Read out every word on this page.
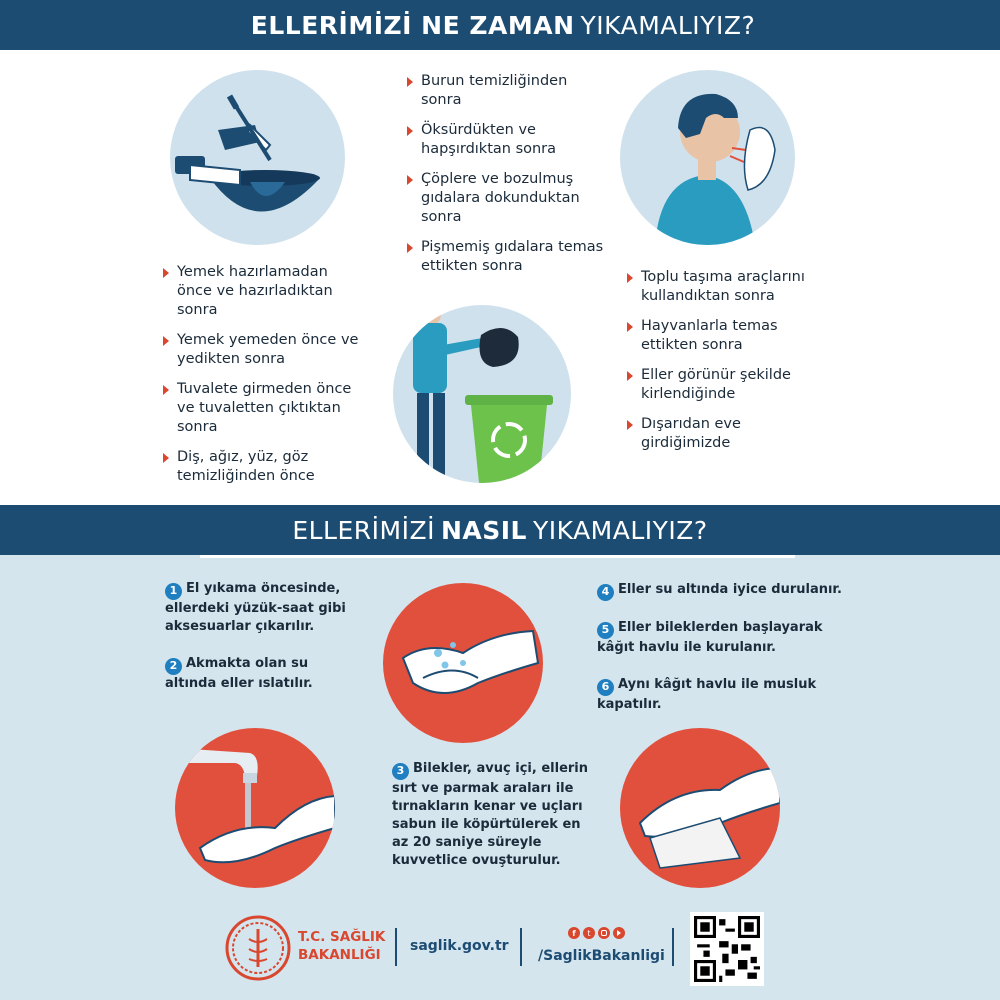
ELLERİMİZİ NE ZAMAN YIKAMALIYIZ?
Yemek hazırlamadan önce ve hazırladıktan sonra
Yemek yemeden önce ve yedikten sonra
Tuvalete girmeden önce ve tuvaletten çıktıktan sonra
Diş, ağız, yüz, göz temizliğinden önce
Burun temizliğinden sonra
Öksürdükten ve hapşırdıktan sonra
Çöplere ve bozulmuş gıdalara dokunduktan sonra
Pişmemiş gıdalara temas ettikten sonra
Toplu taşıma araçlarını kullandıktan sonra
Hayvanlarla temas ettikten sonra
Eller görünür şekilde kirlendiğinde
Dışarıdan eve girdiğimizde
ELLERİMİZİ NASIL YIKAMALIYIZ?
1 El yıkama öncesinde, ellerdeki yüzük-saat gibi aksesuarlar çıkarılır.
2 Akmakta olan su altında eller ıslatılır.
3 Bilekler, avuç içi, ellerin sırt ve parmak araları ile tırnakların kenar ve uçları sabun ile köpürtülerek en az 20 saniye süreyle kuvvetlice ovuşturulur.
4 Eller su altında iyice durulanır.
5 Eller bileklerden başlayarak kâğıt havlu ile kurulanır.
6 Aynı kâğıt havlu ile musluk kapatılır.
T.C. SAĞLIK
BAKANLIĞI
saglik.gov.tr
f	t
/SaglikBakanligi
